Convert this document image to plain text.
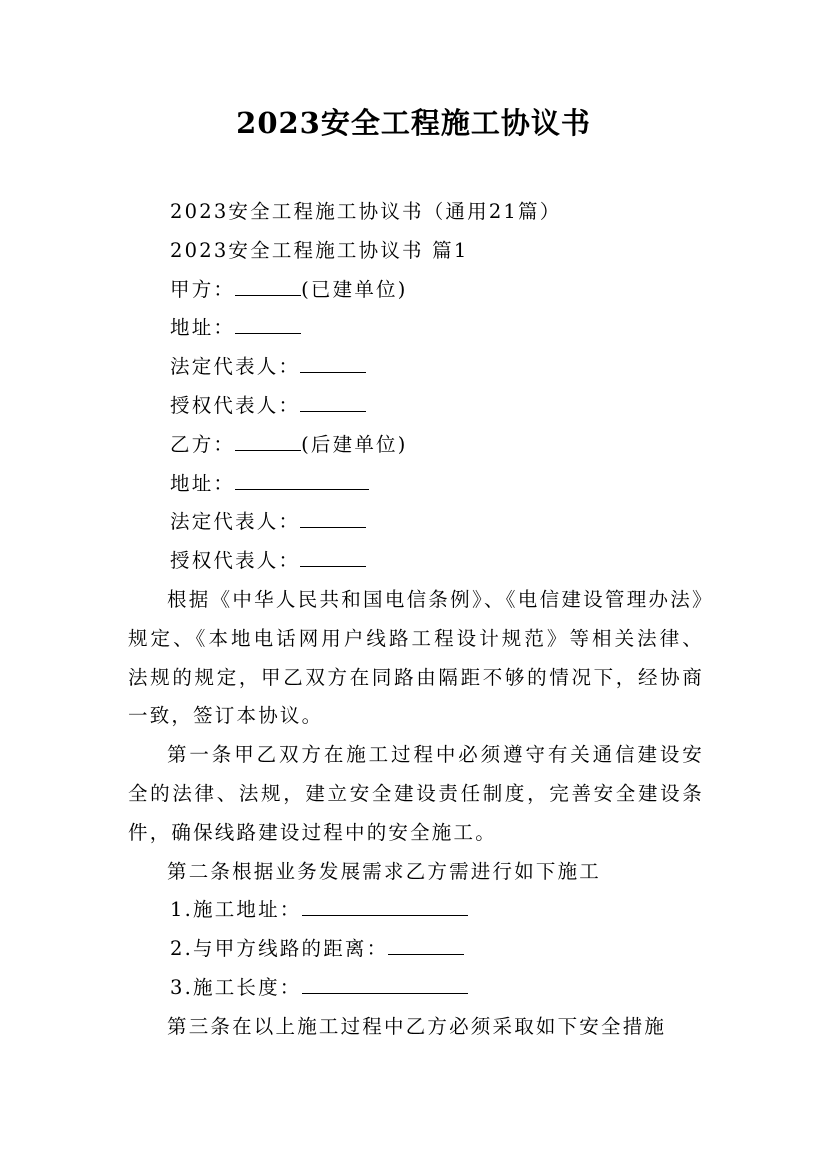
2023安全工程施工协议书

2023安全工程施工协议书（通用21篇）

2023安全工程施工协议书 篇1

甲方：	(已建单位)

地址：

法定代表人：

授权代表人：

乙方：	(后建单位)

地址：

法定代表人：

授权代表人：

根据《中华人民共和国电信条例》、《电信建设管理办法》规定、《本地电话网用户线路工程设计规范》等相关法律、法规的规定，甲乙双方在同路由隔距不够的情况下，经协商一致，签订本协议。

第一条甲乙双方在施工过程中必须遵守有关通信建设安全的法律、法规，建立安全建设责任制度，完善安全建设条件，确保线路建设过程中的安全施工。

第二条根据业务发展需求乙方需进行如下施工

1.施工地址：

2.与甲方线路的距离：

3.施工长度：

第三条在以上施工过程中乙方必须采取如下安全措施
